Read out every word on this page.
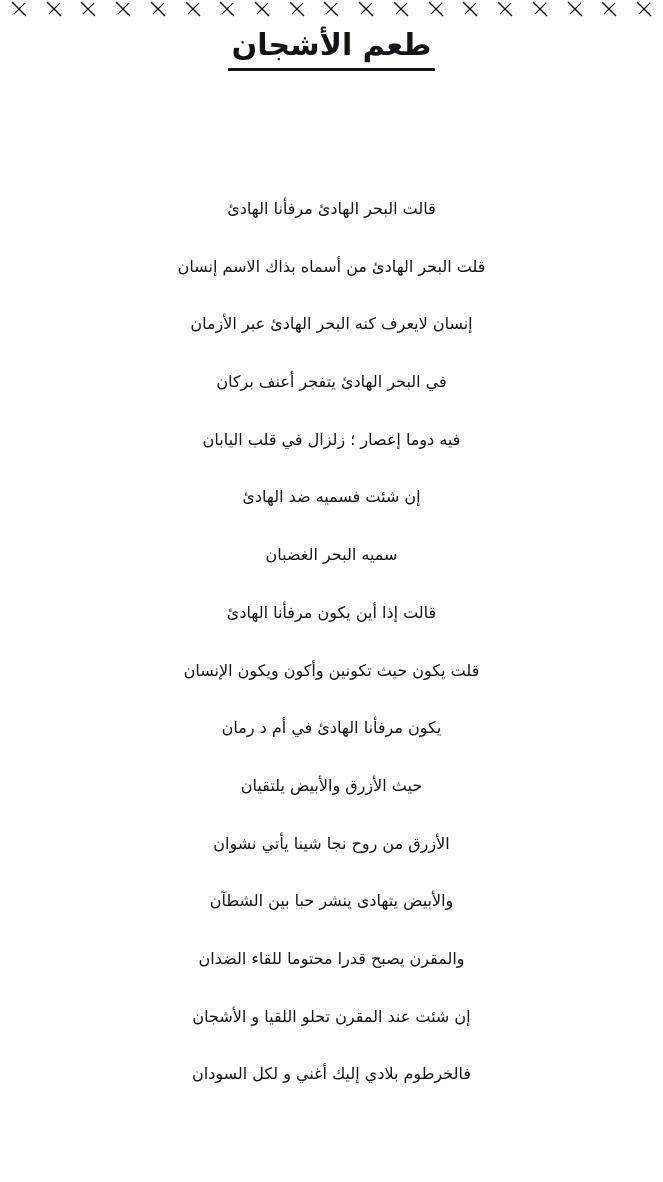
طعم الأشجان
قالت البحر الهادئ مرفأنا الهادئ
قلت البحر الهادئ من أسماه بذاك الاسم إنسان
إنسان لايعرف كنه البحر الهادئ عبر الأزمان
في البحر الهادئ يتفجر أعنف بركان
فيه دوما إعصار ؛ زلزال في قلب اليابان
إن شئت فسميه ضد الهادئ
سميه البحر الغضبان
قالت إذا أين يكون مرفأنا الهادئ
قلت يكون حيث تكونين وأكون ويكون الإنسان
يكون مرفأنا الهادئ في أم د رمان
حيث الأزرق والأبيض يلتقيان
الأزرق من روح نجا شينا يأتي نشوان
والأبيض يتهادى ينشر حبا بين الشطآن
والمقرن يصبح قدرا محتوما للقاء الضدان
إن شئت عند المقرن تحلو اللقيا و الأشجان
فالخرطوم بلادي إليك أغني و لكل السودان
